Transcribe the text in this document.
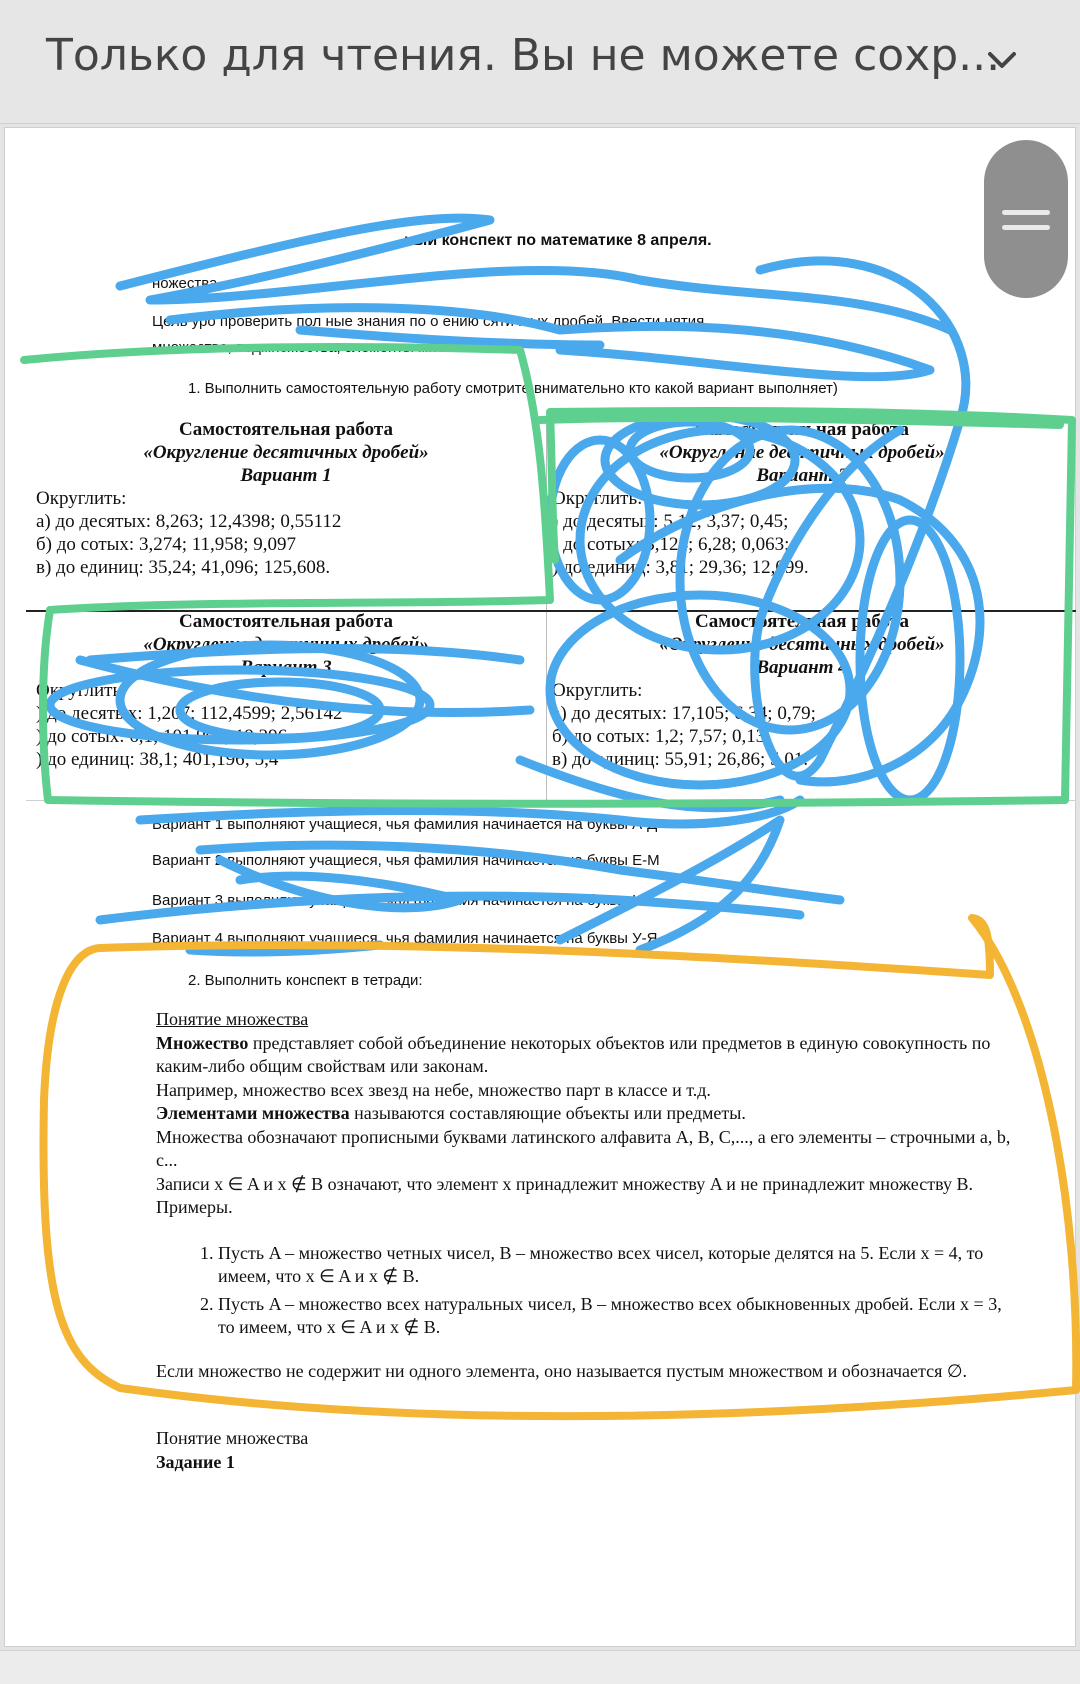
Только для чтения. Вы не можете сохр...
ный конспект по математике 8 апреля.
ножества.
Цель уро проверить пол ные знания по о ению сятичных дробей. Ввести нятия
множества, подмножества, элементы множе
1. Выполнить самостоятельную работу смотрите внимательно кто какой вариант выполняет)
Самостоятельная работа
«Округление десятичных дробей»
Вариант 1
Округлить:
а) до десятых: 8,263; 12,4398; 0,55112
б) до сотых: 3,274; 11,958; 9,097
в) до единиц: 35,24; 41,096; 125,608.
Самостоятельная работа
«Округление десятичных дробей»
Вариант 2
Округлить:
) до десятых: 5,12; 3,37; 0,45;
) до сотых: 3,124; 6,28; 0,063;
) до единиц: 3,81; 29,36; 12,099.
Самостоятельная работа
«Округление десятичных дробей»
Вариант 3
Округлить:
) до десятых: 1,207; 112,4599; 2,56142
) до сотых: 6,1; 101,908; 19,296
) до единиц: 38,1; 401,196; 5,4
Самостоятельная работа
«Округление десятичных дробей»
Вариант 4
Округлить:
а) до десятых: 17,105; 6,34; 0,79;
б) до сотых: 1,2; 7,57; 0,13;
в) до единиц: 55,91; 26,86; 5,01.
Вариант 1 выполняют учащиеся, чья фамилия начинается на буквы А-Д
Вариант 2 выполняют учащиеся, чья фамилия начинается на буквы Е-М
Вариант 3 выполняют учащиеся, чья фамилия начинается на буквы Н-Т
Вариант 4 выполняют учащиеся, чья фамилия начинается на буквы У-Я
2. Выполнить конспект в тетради:
Понятие множества

Множество представляет собой объединение некоторых объектов или предметов в единую совокупность по каким-либо общим свойствам или законам.

Например, множество всех звезд на небе, множество парт в классе и т.д.

Элементами множества называются составляющие объекты или предметы.

Множества обозначают прописными буквами латинского алфавита A, B, C,..., а его элементы – строчными a, b, c...

Записи x ∈ A и x ∉ B означают, что элемент x принадлежит множеству A и не принадлежит множеству B.

Примеры.

1. Пусть A – множество четных чисел, B – множество всех чисел, которые делятся на 5. Если x = 4, то имеем, что x ∈ A и x ∉ B.
2. Пусть A – множество всех натуральных чисел, B – множество всех обыкновенных дробей. Если x = 3, то имеем, что x ∈ A и x ∉ B.

Если множество не содержит ни одного элемента, оно называется пустым множеством и обозначается ∅.

Понятие множества

Задание 1
